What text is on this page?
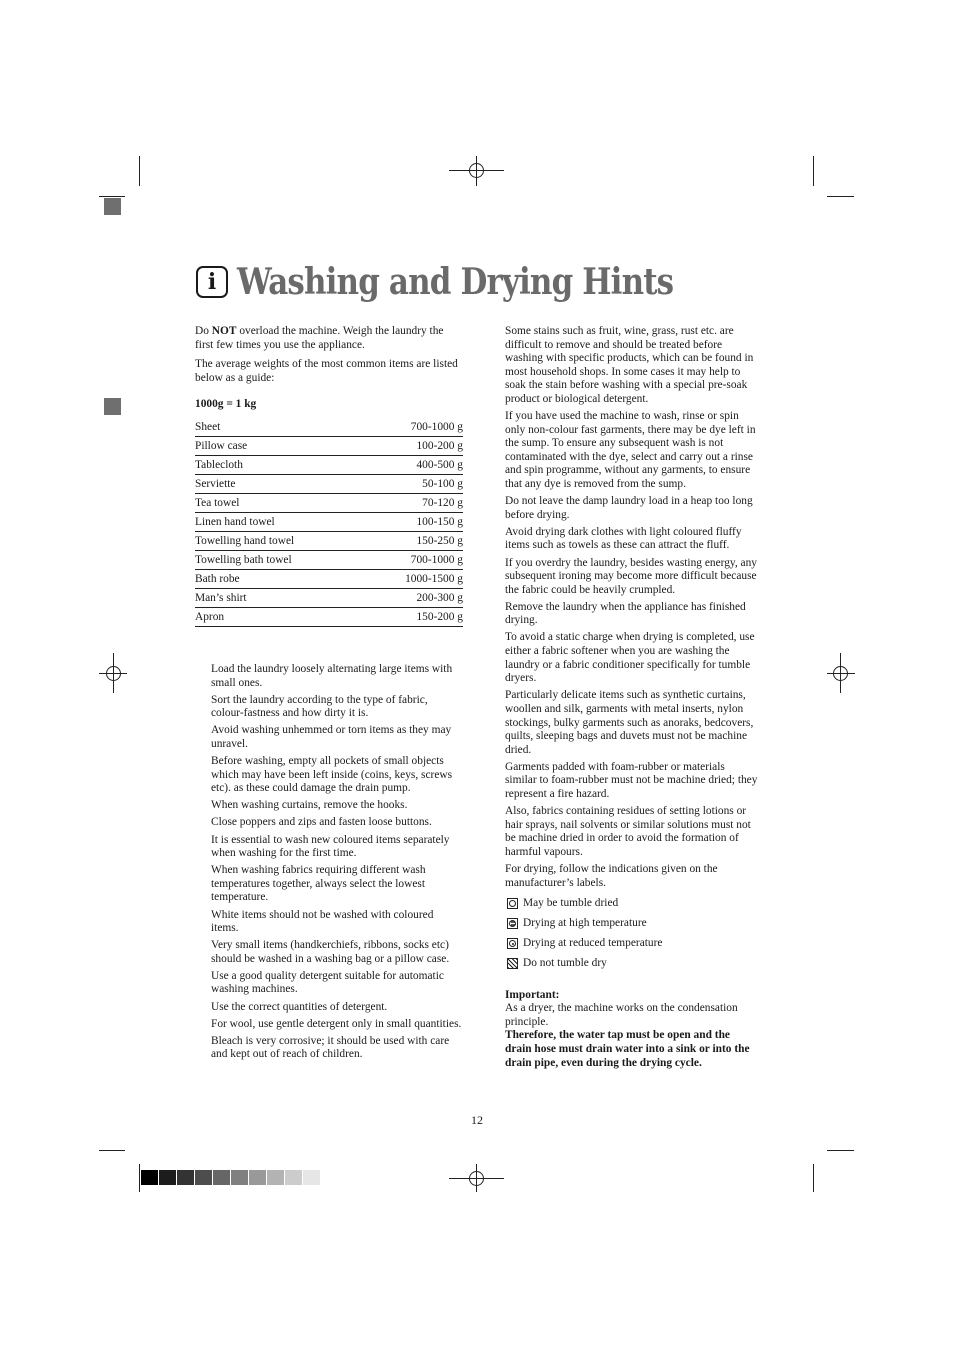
i Washing and Drying Hints

Do NOT overload the machine. Weigh the laundry the first few times you use the appliance.

The average weights of the most common items are listed below as a guide:

1000g = 1 kg
Sheet	700-1000 g
Pillow case	100-200 g
Tablecloth	400-500 g
Serviette	50-100 g
Tea towel	70-120 g
Linen hand towel	100-150 g
Towelling hand towel	150-250 g
Towelling bath towel	700-1000 g
Bath robe	1000-1500 g
Man’s shirt	200-300 g
Apron	150-200 g

Load the laundry loosely alternating large items with small ones.

Sort the laundry according to the type of fabric, colour-fastness and how dirty it is.

Avoid washing unhemmed or torn items as they may unravel.

Before washing, empty all pockets of small objects which may have been left inside (coins, keys, screws etc). as these could damage the drain pump.

When washing curtains, remove the hooks.

Close poppers and zips and fasten loose buttons.

It is essential to wash new coloured items separately when washing for the first time.

When washing fabrics requiring different wash temperatures together, always select the lowest temperature.

White items should not be washed with coloured items.

Very small items (handkerchiefs, ribbons, socks etc) should be washed in a washing bag or a pillow case.

Use a good quality detergent suitable for automatic washing machines.

Use the correct quantities of detergent.

For wool, use gentle detergent only in small quantities.

Bleach is very corrosive; it should be used with care and kept out of reach of children.

Some stains such as fruit, wine, grass, rust etc. are difficult to remove and should be treated before washing with specific products, which can be found in most household shops. In some cases it may help to soak the stain before washing with a special pre-soak product or biological detergent.

If you have used the machine to wash, rinse or spin only non-colour fast garments, there may be dye left in the sump. To ensure any subsequent wash is not contaminated with the dye, select and carry out a rinse and spin programme, without any garments, to ensure that any dye is removed from the sump.

Do not leave the damp laundry load in a heap too long before drying.

Avoid drying dark clothes with light coloured fluffy items such as towels as these can attract the fluff.

If you overdry the laundry, besides wasting energy, any subsequent ironing may become more difficult because the fabric could be heavily crumpled.

Remove the laundry when the appliance has finished drying.

To avoid a static charge when drying is completed, use either a fabric softener when you are washing the laundry or a fabric conditioner specifically for tumble dryers.

Particularly delicate items such as synthetic curtains, woollen and silk, garments with metal inserts, nylon stockings, bulky garments such as anoraks, bedcovers, quilts, sleeping bags and duvets must not be machine dried.

Garments padded with foam-rubber or materials similar to foam-rubber must not be machine dried; they represent a fire hazard.

Also, fabrics containing residues of setting lotions or hair sprays, nail solvents or similar solutions must not be machine dried in order to avoid the formation of harmful vapours.

For drying, follow the indications given on the manufacturer’s labels.

May be tumble dried
Drying at high temperature
Drying at reduced temperature
Do not tumble dry
Important:
As a dryer, the machine works on the condensation principle.
Therefore, the water tap must be open and the drain hose must drain water into a sink or into the drain pipe, even during the drying cycle.
12
